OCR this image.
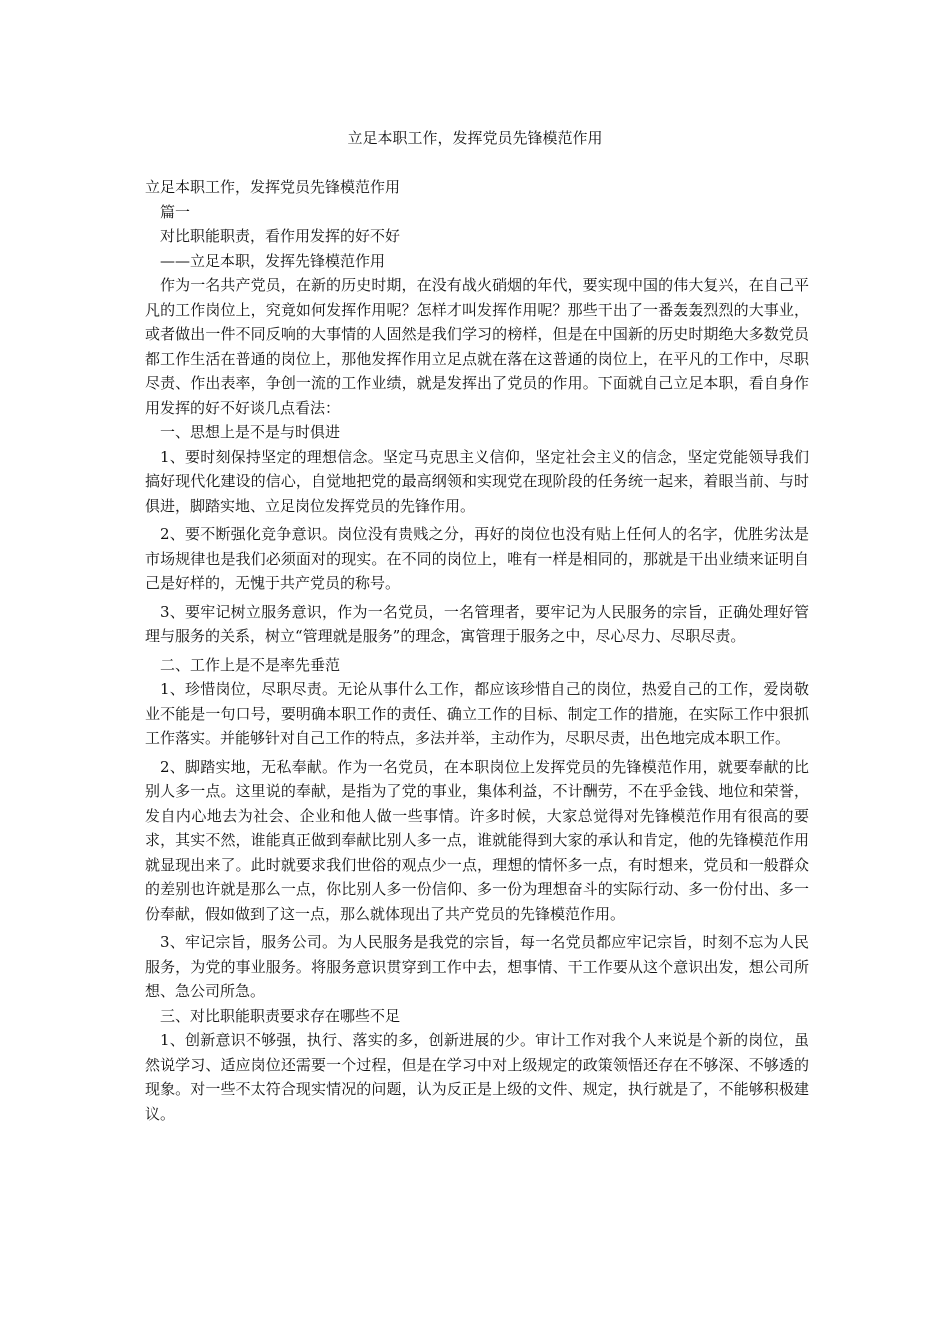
立足本职工作，发挥党员先锋模范作用

立足本职工作，发挥党员先锋模范作用

篇一

对比职能职责，看作用发挥的好不好

——立足本职，发挥先锋模范作用

作为一名共产党员，在新的历史时期，在没有战火硝烟的年代，要实现中国的伟大复兴，在自己平凡的工作岗位上，究竟如何发挥作用呢？怎样才叫发挥作用呢？那些干出了一番轰轰烈烈的大事业，或者做出一件不同反响的大事情的人固然是我们学习的榜样，但是在中国新的历史时期绝大多数党员都工作生活在普通的岗位上，那他发挥作用立足点就在落在这普通的岗位上，在平凡的工作中，尽职尽责、作出表率，争创一流的工作业绩，就是发挥出了党员的作用。下面就自己立足本职，看自身作用发挥的好不好谈几点看法：

一、思想上是不是与时俱进

1、要时刻保持坚定的理想信念。坚定马克思主义信仰，坚定社会主义的信念，坚定党能领导我们搞好现代化建设的信心，自觉地把党的最高纲领和实现党在现阶段的任务统一起来，着眼当前、与时俱进，脚踏实地、立足岗位发挥党员的先锋作用。

2、要不断强化竞争意识。岗位没有贵贱之分，再好的岗位也没有贴上任何人的名字，优胜劣汰是市场规律也是我们必须面对的现实。在不同的岗位上，唯有一样是相同的，那就是干出业绩来证明自己是好样的，无愧于共产党员的称号。

3、要牢记树立服务意识，作为一名党员，一名管理者，要牢记为人民服务的宗旨，正确处理好管理与服务的关系，树立“管理就是服务”的理念，寓管理于服务之中，尽心尽力、尽职尽责。

二、工作上是不是率先垂范

1、珍惜岗位，尽职尽责。无论从事什么工作，都应该珍惜自己的岗位，热爱自己的工作，爱岗敬业不能是一句口号，要明确本职工作的责任、确立工作的目标、制定工作的措施，在实际工作中狠抓工作落实。并能够针对自己工作的特点，多法并举，主动作为，尽职尽责，出色地完成本职工作。

2、脚踏实地，无私奉献。作为一名党员，在本职岗位上发挥党员的先锋模范作用，就要奉献的比别人多一点。这里说的奉献，是指为了党的事业，集体利益，不计酬劳，不在乎金钱、地位和荣誉，发自内心地去为社会、企业和他人做一些事情。许多时候，大家总觉得对先锋模范作用有很高的要求，其实不然，谁能真正做到奉献比别人多一点，谁就能得到大家的承认和肯定，他的先锋模范作用就显现出来了。此时就要求我们世俗的观点少一点，理想的情怀多一点，有时想来，党员和一般群众的差别也许就是那么一点，你比别人多一份信仰、多一份为理想奋斗的实际行动、多一份付出、多一份奉献，假如做到了这一点，那么就体现出了共产党员的先锋模范作用。

3、牢记宗旨，服务公司。为人民服务是我党的宗旨，每一名党员都应牢记宗旨，时刻不忘为人民服务，为党的事业服务。将服务意识贯穿到工作中去，想事情、干工作要从这个意识出发，想公司所想、急公司所急。

三、对比职能职责要求存在哪些不足

1、创新意识不够强，执行、落实的多，创新进展的少。审计工作对我个人来说是个新的岗位，虽然说学习、适应岗位还需要一个过程，但是在学习中对上级规定的政策领悟还存在不够深、不够透的现象。对一些不太符合现实情况的问题，认为反正是上级的文件、规定，执行就是了，不能够积极建议。
